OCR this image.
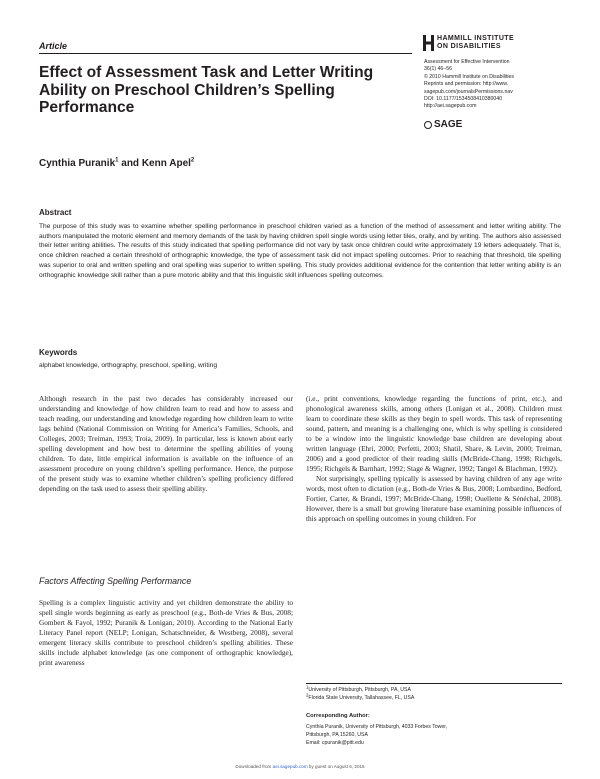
Article
HAMMILL INSTITUTE
ON DISABILITIES
Assessment for Effective Intervention
36(1) 46–56
© 2010 Hammill Institute on Disabilities
Reprints and permission: http://www.
sagepub.com/journalsPermissions.nav
DOI: 10.1177/1534508410380040
http://aei.sagepub.com
SAGE
Effect of Assessment Task and Letter Writing Ability on Preschool Children’s Spelling Performance
Cynthia Puranik$^1$ and Kenn Apel$^2$
Abstract
The purpose of this study was to examine whether spelling performance in preschool children varied as a function of the method of assessment and letter writing ability. The authors manipulated the motoric element and memory demands of the task by having children spell single words using letter tiles, orally, and by writing. The authors also assessed their letter writing abilities. The results of this study indicated that spelling performance did not vary by task once children could write approximately 19 letters adequately. That is, once children reached a certain threshold of orthographic knowledge, the type of assessment task did not impact spelling outcomes. Prior to reaching that threshold, tile spelling was superior to oral and written spelling and oral spelling was superior to written spelling. This study provides additional evidence for the contention that letter writing ability is an orthographic knowledge skill rather than a pure motoric ability and that this linguistic skill influences spelling outcomes.
Keywords
alphabet knowledge, orthography, preschool, spelling, writing
Although research in the past two decades has considerably increased our understanding and knowledge of how children learn to read and how to assess and teach reading, our understanding and knowledge regarding how children learn to write lags behind (National Commission on Writing for America’s Families, Schools, and Colleges, 2003; Treiman, 1993; Troia, 2009). In particular, less is known about early spelling development and how best to determine the spelling abilities of young children. To date, little empirical information is available on the influence of an assessment procedure on young children’s spelling performance. Hence, the purpose of the present study was to examine whether children’s spelling proficiency differed depending on the task used to assess their spelling ability.
Factors Affecting Spelling Performance
Spelling is a complex linguistic activity and yet children demonstrate the ability to spell single words beginning as early as preschool (e.g., Both-de Vries & Bus, 2008; Gombert & Fayol, 1992; Puranik & Lonigan, 2010). According to the National Early Literacy Panel report (NELP; Lonigan, Schatschneider, & Westberg, 2008), several emergent literacy skills contribute to preschool children’s spelling abilities. These skills include alphabet knowledge (as one component of orthographic knowledge), print awareness
(i.e., print conventions, knowledge regarding the functions of print, etc.), and phonological awareness skills, among others (Lonigan et al., 2008). Children must learn to coordinate these skills as they begin to spell words. This task of representing sound, pattern, and meaning is a challenging one, which is why spelling is considered to be a window into the linguistic knowledge base children are developing about written language (Ehri, 2000; Perfetti, 2003; Shatil, Share, & Levin, 2000; Treiman, 2006) and a good predictor of their reading skills (McBride-Chang, 1998; Richgels, 1995; Richgels & Barnhart, 1992; Stage & Wagner, 1992; Tangel & Blachman, 1992).
Not surprisingly, spelling typically is assessed by having children of any age write words, most often to dictation (e.g., Both-de Vries & Bus, 2008; Lombardino, Bedford, Fortier, Carter, & Brandi, 1997; McBride-Chang, 1998; Ouellette & Sénéchal, 2008). However, there is a small but growing literature base examining possible influences of this approach on spelling outcomes in young children. For
$^1$University of Pittsburgh, Pittsburgh, PA, USA
$^2$Florida State University, Tallahassee, FL, USA
Corresponding Author:
Cynthia Puranik, University of Pittsburgh, 4033 Forbes Tower,
Pittsburgh, PA 15260, USA
Email: cpuranik@pitt.edu
Downloaded from aei.sagepub.com by guest on August 6, 2015
